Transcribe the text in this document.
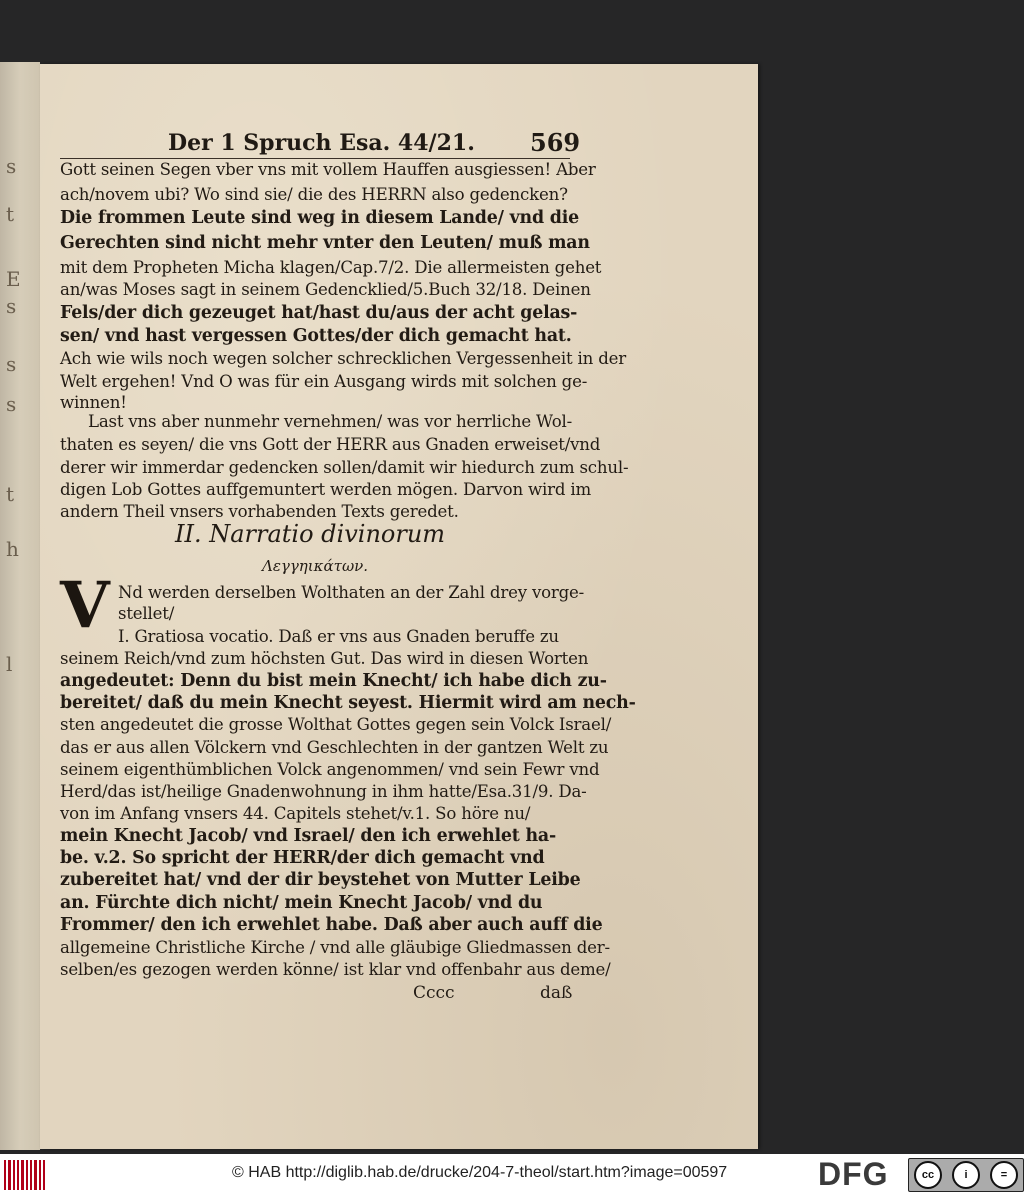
s
t
E
s
s
s
t
h
l
Der 1 Spruch Esa. 44/21.	569
Gott seinen Segen vber vns mit vollem Hauffen ausgiessen! Aber
ach/novem ubi? Wo sind sie/ die des HERRN also gedencken?
Die frommen Leute sind weg in diesem Lande/ vnd die
Gerechten sind nicht mehr vnter den Leuten/ muß man
mit dem Propheten Micha klagen/Cap.7/2. Die allermeisten gehet
an/was Moses sagt in seinem Gedencklied/5.Buch 32/18. Deinen
Fels/der dich gezeuget hat/hast du/aus der acht gelas-
sen/ vnd hast vergessen Gottes/der dich gemacht hat.
Ach wie wils noch wegen solcher schrecklichen Vergessenheit in der
Welt ergehen! Vnd O was für ein Ausgang wirds mit solchen ge-
winnen!
Last vns aber nunmehr vernehmen/ was vor herrliche Wol-
thaten es seyen/ die vns Gott der HERR aus Gnaden erweiset/vnd
derer wir immerdar gedencken sollen/damit wir hiedurch zum schul-
digen Lob Gottes auffgemuntert werden mögen. Darvon wird im
andern Theil vnsers vorhabenden Texts geredet.
II. Narratio divinorum
Λεγγηικάτων.
V Nd werden derselben Wolthaten an der Zahl drey vorge-
stellet/
I. Gratiosa vocatio. Daß er vns aus Gnaden beruffe zu
seinem Reich/vnd zum höchsten Gut. Das wird in diesen Worten
angedeutet: Denn du bist mein Knecht/ ich habe dich zu-
bereitet/ daß du mein Knecht seyest. Hiermit wird am nech-
sten angedeutet die grosse Wolthat Gottes gegen sein Volck Israel/
das er aus allen Völckern vnd Geschlechten in der gantzen Welt zu
seinem eigenthümblichen Volck angenommen/ vnd sein Fewr vnd
Herd/das ist/heilige Gnadenwohnung in ihm hatte/Esa.31/9. Da-
von im Anfang vnsers 44. Capitels stehet/v.1. So höre nu/
mein Knecht Jacob/ vnd Israel/ den ich erwehlet ha-
be. v.2. So spricht der HERR/der dich gemacht vnd
zubereitet hat/ vnd der dir beystehet von Mutter Leibe
an. Fürchte dich nicht/ mein Knecht Jacob/ vnd du
Frommer/ den ich erwehlet habe. Daß aber auch auff die
allgemeine Christliche Kirche / vnd alle gläubige Gliedmassen der-
selben/es gezogen werden könne/ ist klar vnd offenbahr aus deme/
Cccc	daß
© HAB http://diglib.hab.de/drucke/204-7-theol/start.htm?image=00597	DFG	cc	i	=
